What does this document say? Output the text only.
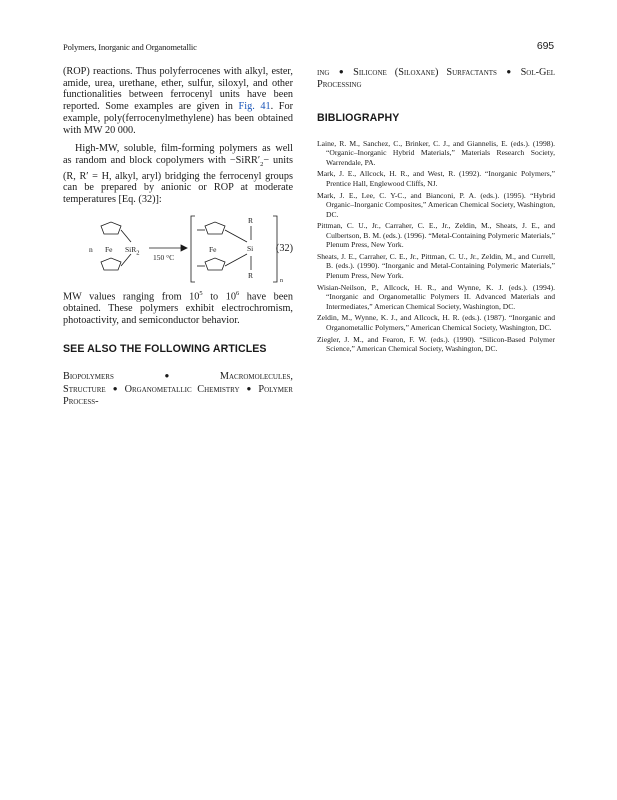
Polymers, Inorganic and Organometallic	695

(ROP) reactions. Thus polyferrocenes with alkyl, ester, amide, urea, urethane, ether, sulfur, siloxyl, and other functionalities between ferrocenyl units have been reported. Some examples are given in Fig. 41. For example, poly(ferrocenylmethylene) has been obtained with MW 20 000.

High-MW, soluble, film-forming polymers as well as random and block copolymers with $-SiRR'_2-$ units (R, R′ = H, alkyl, aryl) bridging the ferrocenyl groups can be prepared by anionic or ROP at moderate temperatures [Eq. (32)]:

n Fe SiR$_2$ 150 °C
Fe	Si
R
R
n
(32)

MW values ranging from $10^5$ to $10^6$ have been obtained. These polymers exhibit electrochromism, photoactivity, and semiconductor behavior.

SEE ALSO THE FOLLOWING ARTICLES

Biopolymers ● Macromolecules, Structure ● Organometallic Chemistry ● Polymer Process-

ing ● Silicone (Siloxane) Surfactants ● Sol-Gel Processing

BIBLIOGRAPHY
Laine, R. M., Sanchez, C., Brinker, C. J., and Giannelis, E. (eds.). (1998). “Organic–Inorganic Hybrid Materials,” Materials Research Society, Warrendale, PA.
Mark, J. E., Allcock, H. R., and West, R. (1992). “Inorganic Polymers,” Prentice Hall, Englewood Cliffs, NJ.
Mark, J. E., Lee, C. Y-C., and Bianconi, P. A. (eds.). (1995). “Hybrid Organic–Inorganic Composites,” American Chemical Society, Washington, DC.
Pittman, C. U., Jr., Carraher, C. E., Jr., Zeldin, M., Sheats, J. E., and Culbertson, B. M. (eds.). (1996). “Metal-Containing Polymeric Materials,” Plenum Press, New York.
Sheats, J. E., Carraher, C. E., Jr., Pittman, C. U., Jr., Zeldin, M., and Currell, B. (eds.). (1990). “Inorganic and Metal-Containing Polymeric Materials,” Plenum Press, New York.
Wisian-Neilson, P., Allcock, H. R., and Wynne, K. J. (eds.). (1994). “Inorganic and Organometallic Polymers II. Advanced Materials and Intermediates,” American Chemical Society, Washington, DC.
Zeldin, M., Wynne, K. J., and Allcock, H. R. (eds.). (1987). “Inorganic and Organometallic Polymers,” American Chemical Society, Washington, DC.
Ziegler, J. M., and Fearon, F. W. (eds.). (1990). “Silicon-Based Polymer Science,” American Chemical Society, Washington, DC.
